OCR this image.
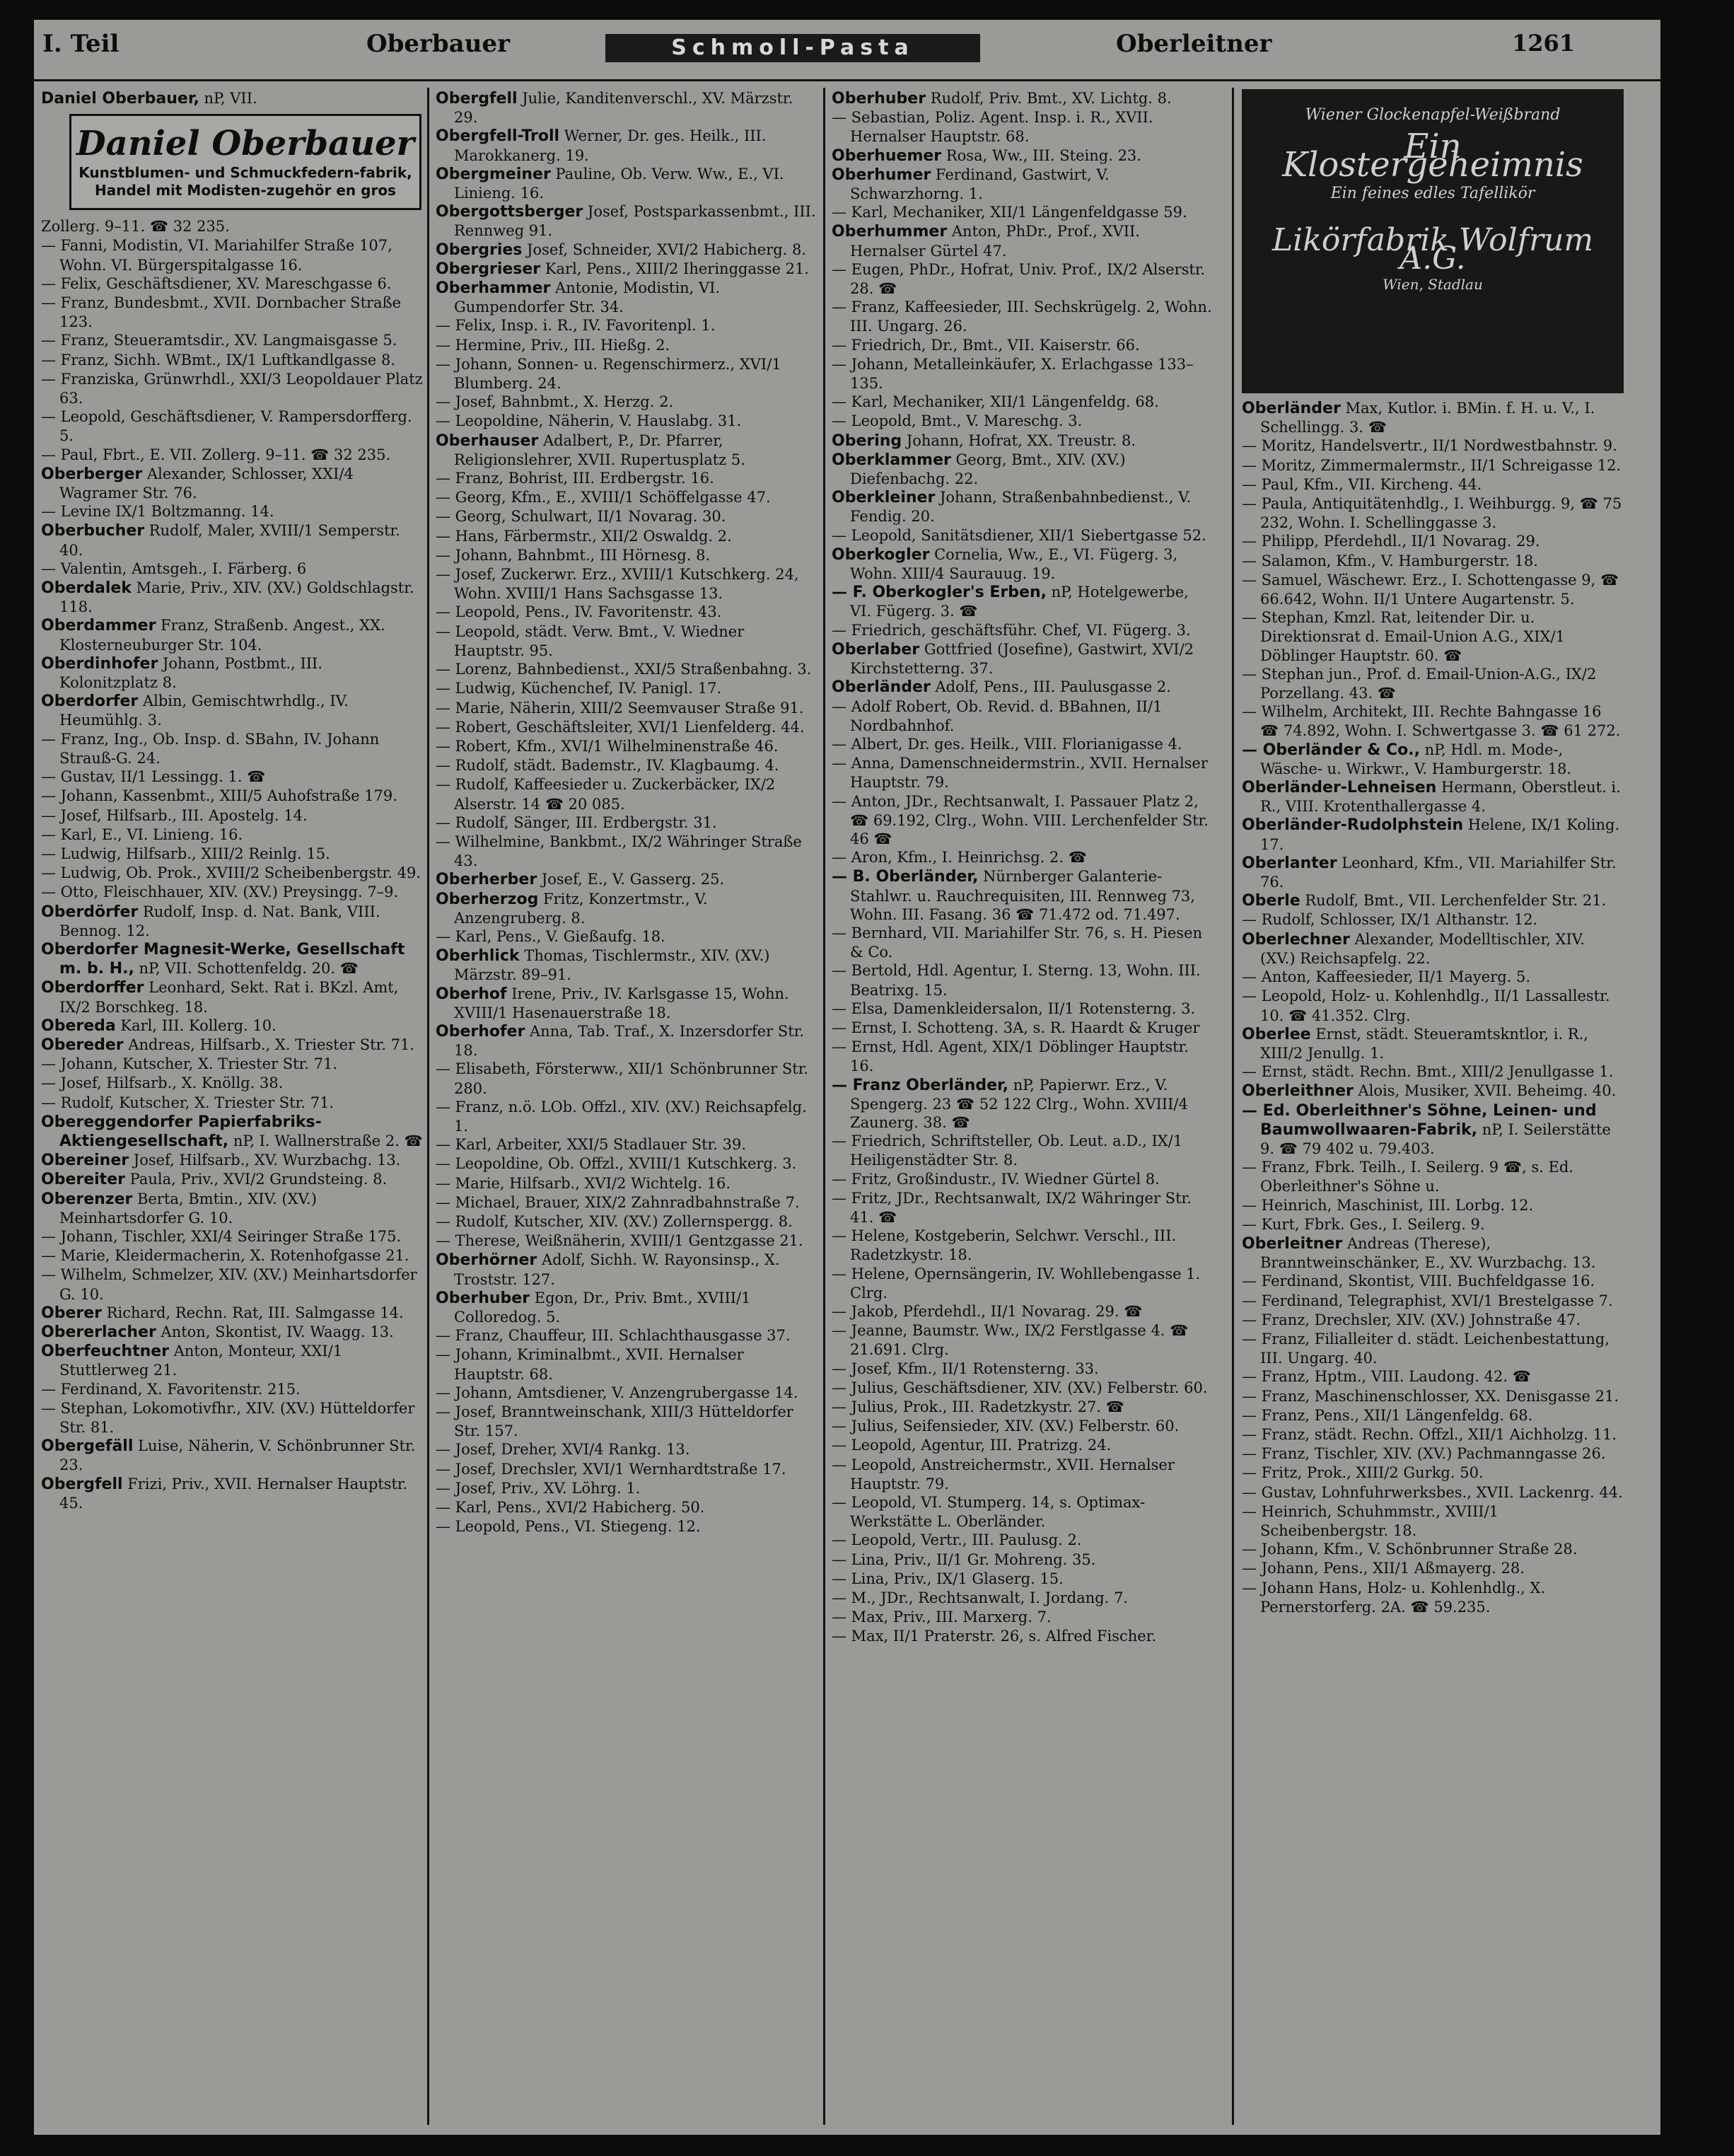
I. Teil	Oberbauer	Schmoll-Pasta	Oberleitner	1261

Daniel Oberbauer, nP, VII.

Daniel Oberbauer
Kunstblumen- und Schmuckfedern-fabrik, Handel mit Modisten-zugehör en gros

Zollerg. 9–11. ☎ 32 235.

— Fanni, Modistin, VI. Mariahilfer Straße 107, Wohn. VI. Bürgerspitalgasse 16.

— Felix, Geschäftsdiener, XV. Mareschgasse 6.

— Franz, Bundesbmt., XVII. Dornbacher Straße 123.

— Franz, Steueramtsdir., XV. Langmaisgasse 5.

— Franz, Sichh. WBmt., IX/1 Luftkandlgasse 8.

— Franziska, Grünwrhdl., XXI/3 Leopoldauer Platz 63.

— Leopold, Geschäftsdiener, V. Rampersdorfferg. 5.

— Paul, Fbrt., E. VII. Zollerg. 9–11. ☎ 32 235.

Oberberger Alexander, Schlosser, XXI/4 Wagramer Str. 76.

— Levine IX/1 Boltzmanng. 14.

Oberbucher Rudolf, Maler, XVIII/1 Semperstr. 40.

— Valentin, Amtsgeh., I. Färberg. 6

Oberdalek Marie, Priv., XIV. (XV.) Goldschlagstr. 118.

Oberdammer Franz, Straßenb. Angest., XX. Klosterneuburger Str. 104.

Oberdinhofer Johann, Postbmt., III. Kolonitzplatz 8.

Oberdorfer Albin, Gemischtwrhdlg., IV. Heumühlg. 3.

— Franz, Ing., Ob. Insp. d. SBahn, IV. Johann Strauß-G. 24.

— Gustav, II/1 Lessingg. 1. ☎

— Johann, Kassenbmt., XIII/5 Auhofstraße 179.

— Josef, Hilfsarb., III. Apostelg. 14.

— Karl, E., VI. Linieng. 16.

— Ludwig, Hilfsarb., XIII/2 Reinlg. 15.

— Ludwig, Ob. Prok., XVIII/2 Scheibenbergstr. 49.

— Otto, Fleischhauer, XIV. (XV.) Preysingg. 7–9.

Oberdörfer Rudolf, Insp. d. Nat. Bank, VIII. Bennog. 12.

Oberdorfer Magnesit-Werke, Gesellschaft m. b. H., nP, VII. Schottenfeldg. 20. ☎

Oberdorffer Leonhard, Sekt. Rat i. BKzl. Amt, IX/2 Borschkeg. 18.

Obereda Karl, III. Kollerg. 10.

Obereder Andreas, Hilfsarb., X. Triester Str. 71.

— Johann, Kutscher, X. Triester Str. 71.

— Josef, Hilfsarb., X. Knöllg. 38.

— Rudolf, Kutscher, X. Triester Str. 71.

Obereggendorfer Papierfabriks-Aktiengesellschaft, nP, I. Wallnerstraße 2. ☎

Obereiner Josef, Hilfsarb., XV. Wurzbachg. 13.

Obereiter Paula, Priv., XVI/2 Grundsteing. 8.

Oberenzer Berta, Bmtin., XIV. (XV.) Meinhartsdorfer G. 10.

— Johann, Tischler, XXI/4 Seiringer Straße 175.

— Marie, Kleidermacherin, X. Rotenhofgasse 21.

— Wilhelm, Schmelzer, XIV. (XV.) Meinhartsdorfer G. 10.

Oberer Richard, Rechn. Rat, III. Salmgasse 14.

Obererlacher Anton, Skontist, IV. Waagg. 13.

Oberfeuchtner Anton, Monteur, XXI/1 Stuttlerweg 21.

— Ferdinand, X. Favoritenstr. 215.

— Stephan, Lokomotivfhr., XIV. (XV.) Hütteldorfer Str. 81.

Obergefäll Luise, Näherin, V. Schönbrunner Str. 23.

Obergfell Frizi, Priv., XVII. Hernalser Hauptstr. 45.

Obergfell Julie, Kanditenverschl., XV. Märzstr. 29.

Obergfell-Troll Werner, Dr. ges. Heilk., III. Marokkanerg. 19.

Obergmeiner Pauline, Ob. Verw. Ww., E., VI. Linieng. 16.

Obergottsberger Josef, Postsparkassenbmt., III. Rennweg 91.

Obergries Josef, Schneider, XVI/2 Habicherg. 8.

Obergrieser Karl, Pens., XIII/2 Iheringgasse 21.

Oberhammer Antonie, Modistin, VI. Gumpendorfer Str. 34.

— Felix, Insp. i. R., IV. Favoritenpl. 1.

— Hermine, Priv., III. Hießg. 2.

— Johann, Sonnen- u. Regenschirmerz., XVI/1 Blumberg. 24.

— Josef, Bahnbmt., X. Herzg. 2.

— Leopoldine, Näherin, V. Hauslabg. 31.

Oberhauser Adalbert, P., Dr. Pfarrer, Religionslehrer, XVII. Rupertusplatz 5.

— Franz, Bohrist, III. Erdbergstr. 16.

— Georg, Kfm., E., XVIII/1 Schöffelgasse 47.

— Georg, Schulwart, II/1 Novarag. 30.

— Hans, Färbermstr., XII/2 Oswaldg. 2.

— Johann, Bahnbmt., III Hörnesg. 8.

— Josef, Zuckerwr. Erz., XVIII/1 Kutschkerg. 24, Wohn. XVIII/1 Hans Sachsgasse 13.

— Leopold, Pens., IV. Favoritenstr. 43.

— Leopold, städt. Verw. Bmt., V. Wiedner Hauptstr. 95.

— Lorenz, Bahnbedienst., XXI/5 Straßenbahng. 3.

— Ludwig, Küchenchef, IV. Panigl. 17.

— Marie, Näherin, XIII/2 Seemvauser Straße 91.

— Robert, Geschäftsleiter, XVI/1 Lienfelderg. 44.

— Robert, Kfm., XVI/1 Wilhelminenstraße 46.

— Rudolf, städt. Bademstr., IV. Klagbaumg. 4.

— Rudolf, Kaffeesieder u. Zuckerbäcker, IX/2 Alserstr. 14 ☎ 20 085.

— Rudolf, Sänger, III. Erdbergstr. 31.

— Wilhelmine, Bankbmt., IX/2 Währinger Straße 43.

Oberherber Josef, E., V. Gasserg. 25.

Oberherzog Fritz, Konzertmstr., V. Anzengruberg. 8.

— Karl, Pens., V. Gießaufg. 18.

Oberhlick Thomas, Tischlermstr., XIV. (XV.) Märzstr. 89–91.

Oberhof Irene, Priv., IV. Karlsgasse 15, Wohn. XVIII/1 Hasenauerstraße 18.

Oberhofer Anna, Tab. Traf., X. Inzersdorfer Str. 18.

— Elisabeth, Försterww., XII/1 Schönbrunner Str. 280.

— Franz, n.ö. LOb. Offzl., XIV. (XV.) Reichsapfelg. 1.

— Karl, Arbeiter, XXI/5 Stadlauer Str. 39.

— Leopoldine, Ob. Offzl., XVIII/1 Kutschkerg. 3.

— Marie, Hilfsarb., XVI/2 Wichtelg. 16.

— Michael, Brauer, XIX/2 Zahnradbahnstraße 7.

— Rudolf, Kutscher, XIV. (XV.) Zollernspergg. 8.

— Therese, Weißnäherin, XVIII/1 Gentzgasse 21.

Oberhörner Adolf, Sichh. W. Rayonsinsp., X. Troststr. 127.

Oberhuber Egon, Dr., Priv. Bmt., XVIII/1 Colloredog. 5.

— Franz, Chauffeur, III. Schlachthausgasse 37.

— Johann, Kriminalbmt., XVII. Hernalser Hauptstr. 68.

— Johann, Amtsdiener, V. Anzengrubergasse 14.

— Josef, Branntweinschank, XIII/3 Hütteldorfer Str. 157.

— Josef, Dreher, XVI/4 Rankg. 13.

— Josef, Drechsler, XVI/1 Wernhardtstraße 17.

— Josef, Priv., XV. Löhrg. 1.

— Karl, Pens., XVI/2 Habicherg. 50.

— Leopold, Pens., VI. Stiegeng. 12.

Oberhuber Rudolf, Priv. Bmt., XV. Lichtg. 8.

— Sebastian, Poliz. Agent. Insp. i. R., XVII. Hernalser Hauptstr. 68.

Oberhuemer Rosa, Ww., III. Steing. 23.

Oberhumer Ferdinand, Gastwirt, V. Schwarzhorng. 1.

— Karl, Mechaniker, XII/1 Längenfeldgasse 59.

Oberhummer Anton, PhDr., Prof., XVII. Hernalser Gürtel 47.

— Eugen, PhDr., Hofrat, Univ. Prof., IX/2 Alserstr. 28. ☎

— Franz, Kaffeesieder, III. Sechskrügelg. 2, Wohn. III. Ungarg. 26.

— Friedrich, Dr., Bmt., VII. Kaiserstr. 66.

— Johann, Metalleinkäufer, X. Erlachgasse 133–135.

— Karl, Mechaniker, XII/1 Längenfeldg. 68.

— Leopold, Bmt., V. Mareschg. 3.

Obering Johann, Hofrat, XX. Treustr. 8.

Oberklammer Georg, Bmt., XIV. (XV.) Diefenbachg. 22.

Oberkleiner Johann, Straßenbahnbedienst., V. Fendig. 20.

— Leopold, Sanitätsdiener, XII/1 Siebertgasse 52.

Oberkogler Cornelia, Ww., E., VI. Fügerg. 3, Wohn. XIII/4 Saurauug. 19.

— F. Oberkogler's Erben, nP, Hotelgewerbe, VI. Fügerg. 3. ☎

— Friedrich, geschäftsführ. Chef, VI. Fügerg. 3.

Oberlaber Gottfried (Josefine), Gastwirt, XVI/2 Kirchstetterng. 37.

Oberländer Adolf, Pens., III. Paulusgasse 2.

— Adolf Robert, Ob. Revid. d. BBahnen, II/1 Nordbahnhof.

— Albert, Dr. ges. Heilk., VIII. Florianigasse 4.

— Anna, Damenschneidermstrin., XVII. Hernalser Hauptstr. 79.

— Anton, JDr., Rechtsanwalt, I. Passauer Platz 2, ☎ 69.192, Clrg., Wohn. VIII. Lerchenfelder Str. 46 ☎

— Aron, Kfm., I. Heinrichsg. 2. ☎

— B. Oberländer, Nürnberger Galanterie-Stahlwr. u. Rauchrequisiten, III. Rennweg 73, Wohn. III. Fasang. 36 ☎ 71.472 od. 71.497.

— Bernhard, VII. Mariahilfer Str. 76, s. H. Piesen & Co.

— Bertold, Hdl. Agentur, I. Sterng. 13, Wohn. III. Beatrixg. 15.

— Elsa, Damenkleidersalon, II/1 Rotensterng. 3.

— Ernst, I. Schotteng. 3A, s. R. Haardt & Kruger

— Ernst, Hdl. Agent, XIX/1 Döblinger Hauptstr. 16.

— Franz Oberländer, nP, Papierwr. Erz., V. Spengerg. 23 ☎ 52 122 Clrg., Wohn. XVIII/4 Zaunerg. 38. ☎

— Friedrich, Schriftsteller, Ob. Leut. a.D., IX/1 Heiligenstädter Str. 8.

— Fritz, Großindustr., IV. Wiedner Gürtel 8.

— Fritz, JDr., Rechtsanwalt, IX/2 Währinger Str. 41. ☎

— Helene, Kostgeberin, Selchwr. Verschl., III. Radetzkystr. 18.

— Helene, Opernsängerin, IV. Wohllebengasse 1. Clrg.

— Jakob, Pferdehdl., II/1 Novarag. 29. ☎

— Jeanne, Baumstr. Ww., IX/2 Ferstlgasse 4. ☎ 21.691. Clrg.

— Josef, Kfm., II/1 Rotensterng. 33.

— Julius, Geschäftsdiener, XIV. (XV.) Felberstr. 60.

— Julius, Prok., III. Radetzkystr. 27. ☎

— Julius, Seifensieder, XIV. (XV.) Felberstr. 60.

— Leopold, Agentur, III. Pratrizg. 24.

— Leopold, Anstreichermstr., XVII. Hernalser Hauptstr. 79.

— Leopold, VI. Stumperg. 14, s. Optimax-Werkstätte L. Oberländer.

— Leopold, Vertr., III. Paulusg. 2.

— Lina, Priv., II/1 Gr. Mohreng. 35.

— Lina, Priv., IX/1 Glaserg. 15.

— M., JDr., Rechtsanwalt, I. Jordang. 7.

— Max, Priv., III. Marxerg. 7.

— Max, II/1 Praterstr. 26, s. Alfred Fischer.

Wiener Glockenapfel-Weißbrand
Ein Klostergeheimnis
Ein feines edles Tafellikör
Likörfabrik Wolfrum A.G.
Wien, Stadlau

Oberländer Max, Kutlor. i. BMin. f. H. u. V., I. Schellingg. 3. ☎

— Moritz, Handelsvertr., II/1 Nordwestbahnstr. 9.

— Moritz, Zimmermalermstr., II/1 Schreigasse 12.

— Paul, Kfm., VII. Kircheng. 44.

— Paula, Antiquitätenhdlg., I. Weihburgg. 9, ☎ 75 232, Wohn. I. Schellinggasse 3.

— Philipp, Pferdehdl., II/1 Novarag. 29.

— Salamon, Kfm., V. Hamburgerstr. 18.

— Samuel, Wäschewr. Erz., I. Schottengasse 9, ☎ 66.642, Wohn. II/1 Untere Augartenstr. 5.

— Stephan, Kmzl. Rat, leitender Dir. u. Direktionsrat d. Email-Union A.G., XIX/1 Döblinger Hauptstr. 60. ☎

— Stephan jun., Prof. d. Email-Union-A.G., IX/2 Porzellang. 43. ☎

— Wilhelm, Architekt, III. Rechte Bahngasse 16 ☎ 74.892, Wohn. I. Schwertgasse 3. ☎ 61 272.

— Oberländer & Co., nP, Hdl. m. Mode-, Wäsche- u. Wirkwr., V. Hamburgerstr. 18.

Oberländer-Lehneisen Hermann, Oberstleut. i. R., VIII. Krotenthallergasse 4.

Oberländer-Rudolphstein Helene, IX/1 Koling. 17.

Oberlanter Leonhard, Kfm., VII. Mariahilfer Str. 76.

Oberle Rudolf, Bmt., VII. Lerchenfelder Str. 21.

— Rudolf, Schlosser, IX/1 Althanstr. 12.

Oberlechner Alexander, Modelltischler, XIV. (XV.) Reichsapfelg. 22.

— Anton, Kaffeesieder, II/1 Mayerg. 5.

— Leopold, Holz- u. Kohlenhdlg., II/1 Lassallestr. 10. ☎ 41.352. Clrg.

Oberlee Ernst, städt. Steueramtskntlor, i. R., XIII/2 Jenullg. 1.

— Ernst, städt. Rechn. Bmt., XIII/2 Jenullgasse 1.

Oberleithner Alois, Musiker, XVII. Beheimg. 40.

— Ed. Oberleithner's Söhne, Leinen- und Baumwollwaaren-Fabrik, nP, I. Seilerstätte 9. ☎ 79 402 u. 79.403.

— Franz, Fbrk. Teilh., I. Seilerg. 9 ☎, s. Ed. Oberleithner's Söhne u.

— Heinrich, Maschinist, III. Lorbg. 12.

— Kurt, Fbrk. Ges., I. Seilerg. 9.

Oberleitner Andreas (Therese), Branntweinschänker, E., XV. Wurzbachg. 13.

— Ferdinand, Skontist, VIII. Buchfeldgasse 16.

— Ferdinand, Telegraphist, XVI/1 Brestelgasse 7.

— Franz, Drechsler, XIV. (XV.) Johnstraße 47.

— Franz, Filialleiter d. städt. Leichenbestattung, III. Ungarg. 40.

— Franz, Hptm., VIII. Laudong. 42. ☎

— Franz, Maschinenschlosser, XX. Denisgasse 21.

— Franz, Pens., XII/1 Längenfeldg. 68.

— Franz, städt. Rechn. Offzl., XII/1 Aichholzg. 11.

— Franz, Tischler, XIV. (XV.) Pachmanngasse 26.

— Fritz, Prok., XIII/2 Gurkg. 50.

— Gustav, Lohnfuhrwerksbes., XVII. Lackenrg. 44.

— Heinrich, Schuhmmstr., XVIII/1 Scheibenbergstr. 18.

— Johann, Kfm., V. Schönbrunner Straße 28.

— Johann, Pens., XII/1 Aßmayerg. 28.

— Johann Hans, Holz- u. Kohlenhdlg., X. Pernerstorferg. 2A. ☎ 59.235.
